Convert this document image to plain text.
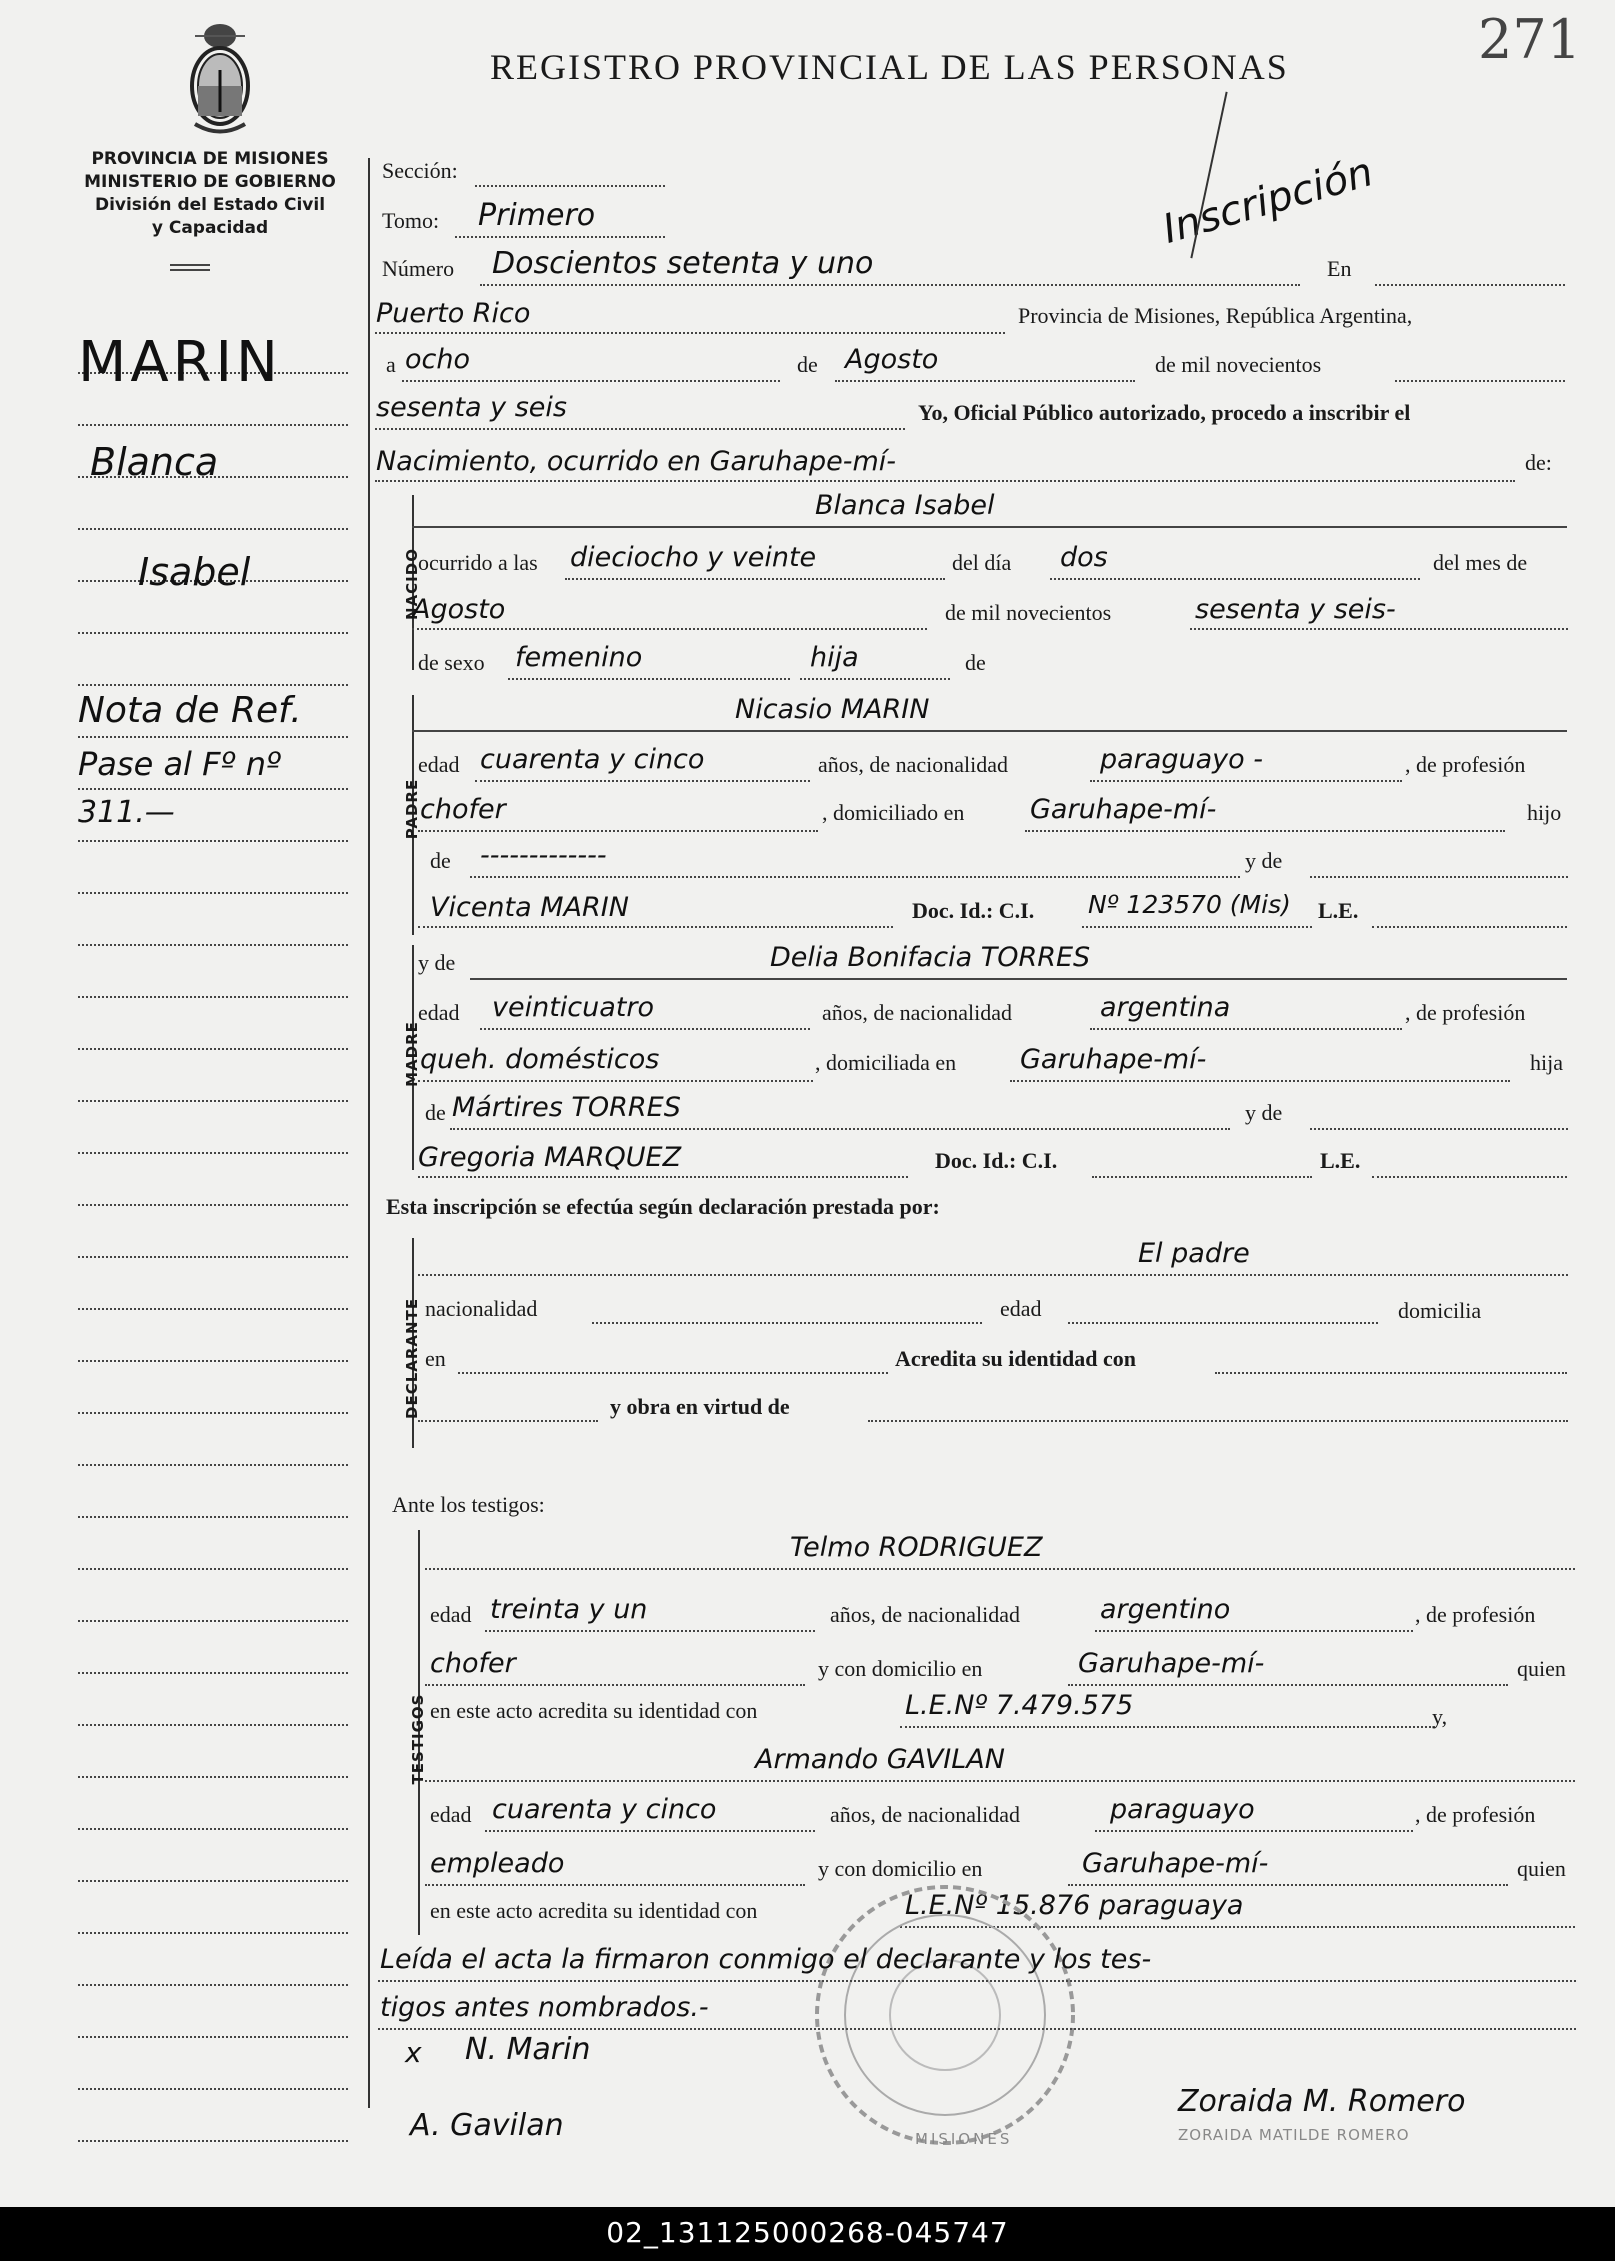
PROVINCIA DE MISIONES
MINISTERIO DE GOBIERNO
División del Estado Civil
y Capacidad
REGISTRO PROVINCIAL DE LAS PERSONAS	271
Inscripción
MARIN
Blanca
Isabel
Nota de Ref.
Pase al Fº nº
311.—
Sección:
Tomo: Primero
Número Doscientos setenta y uno	En
Puerto Rico	Provincia de Misiones, República Argentina,
a ocho	de Agosto	de mil novecientos
sesenta y seis	Yo, Oficial Público autorizado, procedo a inscribir el
Nacimiento, ocurrido en Garuhape-mí-	de:
NACIDO
Blanca Isabel
ocurrido a las dieciocho y veinte	del día dos	del mes de
Agosto	de mil novecientos	sesenta y seis-
de sexo femenino	hija	de
PADRE
Nicasio MARIN
edad cuarenta y cinco	años, de nacionalidad	paraguayo -	, de profesión
chofer	, domiciliado en Garuhape-mí-	hijo
de -------------	y de
Vicenta MARIN	Doc. Id.: C.I. Nº 123570 (Mis) L.E.
MADRE
y de	Delia Bonifacia TORRES
edad veinticuatro	años, de nacionalidad	argentina	, de profesión
queh. domésticos	, domiciliada en Garuhape-mí-	hija
de Mártires TORRES	y de
Gregoria MARQUEZ	Doc. Id.: C.I.	L.E.
Esta inscripción se efectúa según declaración prestada por:
DECLARANTE
El padre
nacionalidad	edad	domicilia
en	Acredita su identidad con
y obra en virtud de
Ante los testigos:
TESTIGOS
Telmo RODRIGUEZ
edad treinta y un	años, de nacionalidad	argentino	, de profesión
chofer	y con domicilio en	Garuhape-mí-	quien
en este acto acredita su identidad con	L.E.Nº 7.479.575	y,
Armando GAVILAN
edad cuarenta y cinco	años, de nacionalidad	paraguayo	, de profesión
empleado	y con domicilio en	Garuhape-mí-	quien
en este acto acredita su identidad con	L.E.Nº 15.876 paraguaya
MISIONES
Leída el acta la firmaron conmigo el declarante y los tes-
tigos antes nombrados.-
x N. Marin
A. Gavilan
Zoraida M. Romero
ZORAIDA MATILDE ROMERO
02_131125000268-045747
